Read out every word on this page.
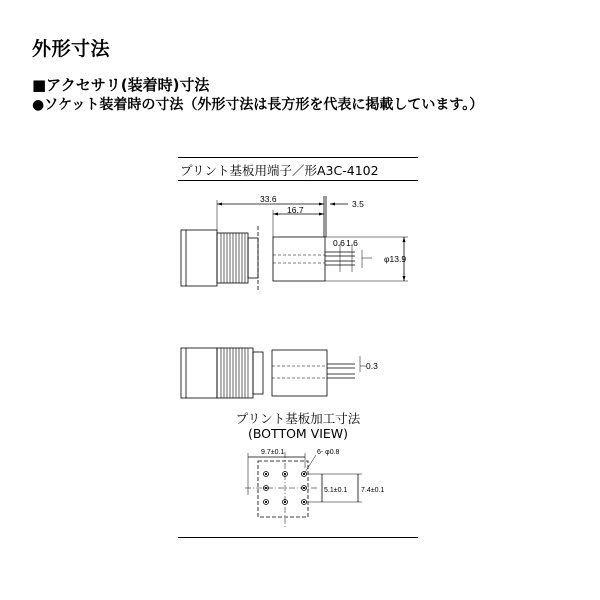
外形寸法
■アクセサリ(装着時)寸法
●ソケット装着時の寸法（外形寸法は長方形を代表に掲載しています。）
プリント基板用端子／形A3C-4102
プリント基板加工寸法
(BOTTOM VIEW)
33.6
16.7
3.5
0.6 1.6
φ13.9
0.3
9.7±0.1	6- φ0.8
5.1±0.1 7.4±0.1
